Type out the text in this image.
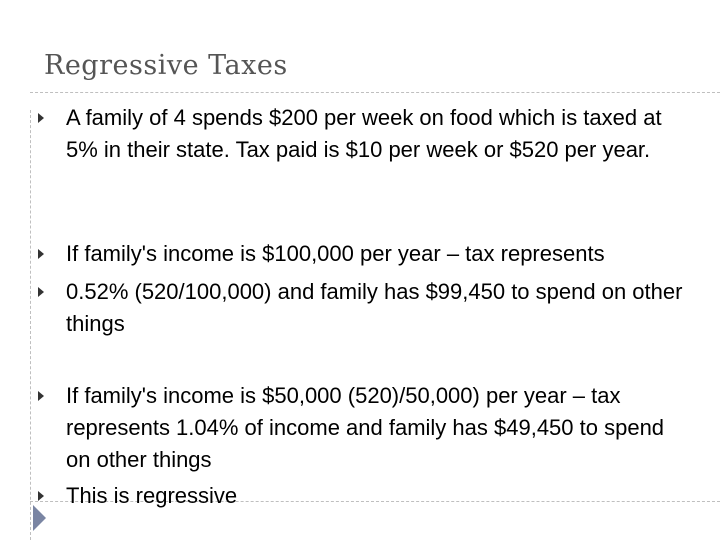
Regressive Taxes
A family of 4 spends $200 per week on food which is taxed at 5% in their state. Tax paid is $10 per week or $520 per year.
If family's income is $100,000 per year – tax represents
0.52% (520/100,000) and family has $99,450 to spend on other things
If family's income is $50,000 (520)/50,000) per year – tax represents 1.04% of income and family has $49,450 to spend on other things
This is regressive
